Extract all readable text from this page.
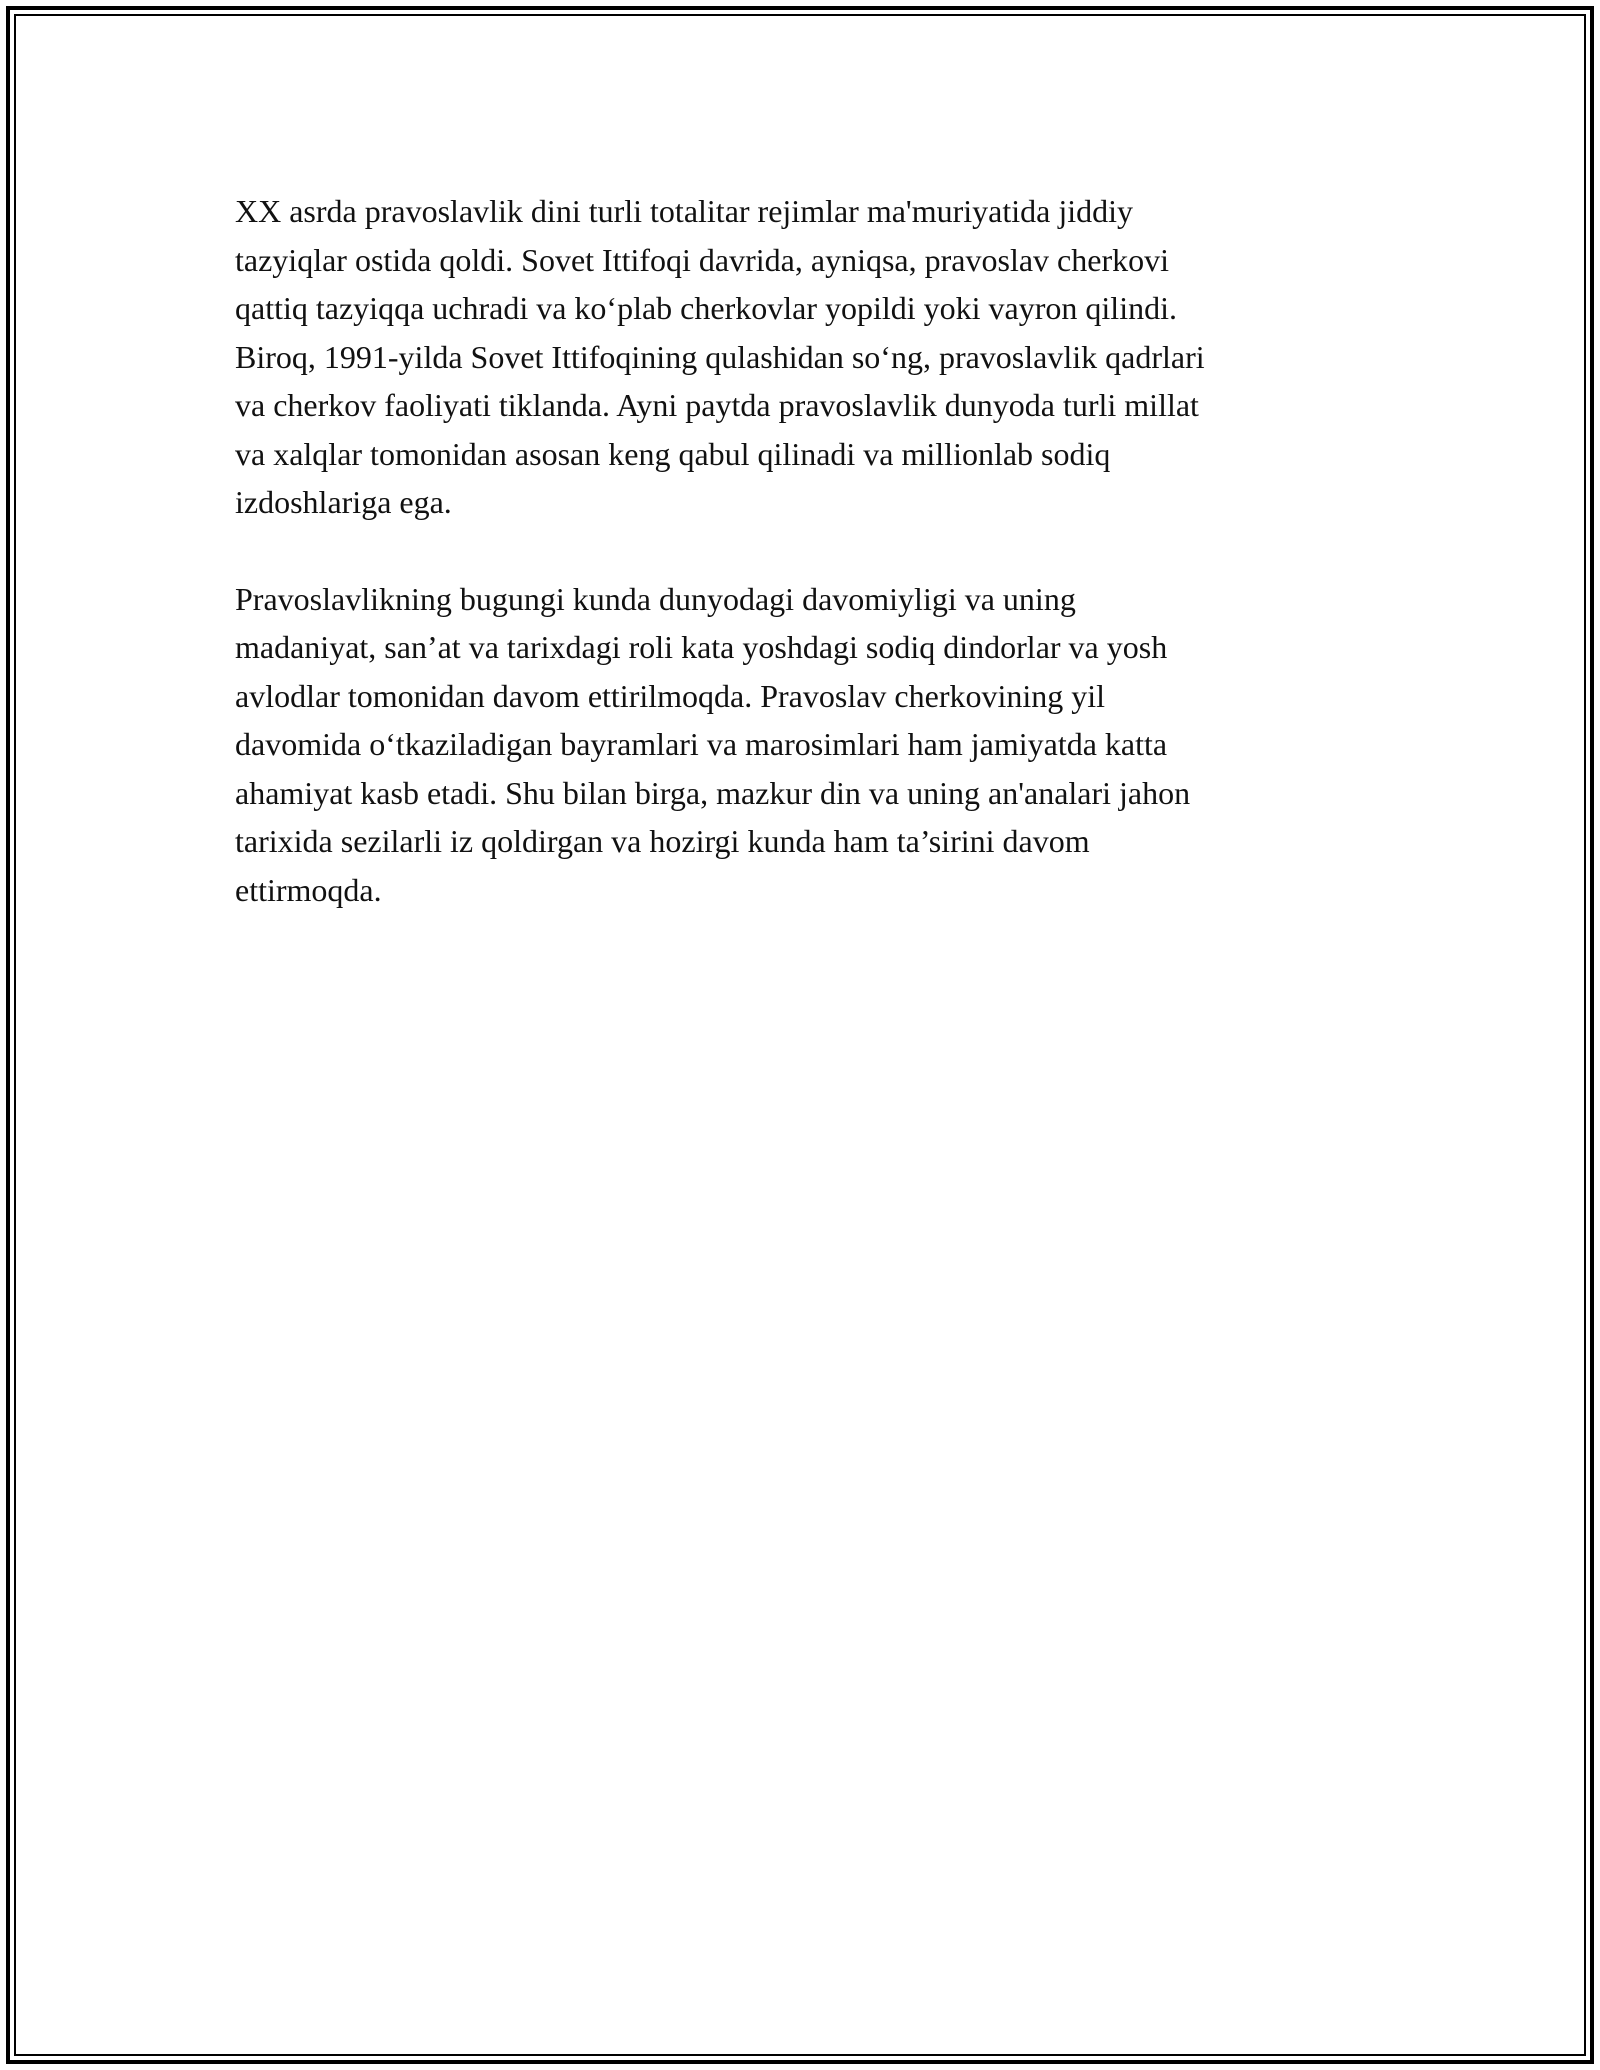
XX asrda pravoslavlik dini turli totalitar rejimlar ma'muriyatida jiddiy
tazyiqlar ostida qoldi. Sovet Ittifoqi davrida, ayniqsa, pravoslav cherkovi
qattiq tazyiqqa uchradi va ko‘plab cherkovlar yopildi yoki vayron qilindi.
Biroq, 1991-yilda Sovet Ittifoqining qulashidan so‘ng, pravoslavlik qadrlari
va cherkov faoliyati tiklanda. Ayni paytda pravoslavlik dunyoda turli millat
va xalqlar tomonidan asosan keng qabul qilinadi va millionlab sodiq
izdoshlariga ega.

Pravoslavlikning bugungi kunda dunyodagi davomiyligi va uning
madaniyat, san’at va tarixdagi roli kata yoshdagi sodiq dindorlar va yosh
avlodlar tomonidan davom ettirilmoqda. Pravoslav cherkovining yil
davomida o‘tkaziladigan bayramlari va marosimlari ham jamiyatda katta
ahamiyat kasb etadi. Shu bilan birga, mazkur din va uning an'analari jahon
tarixida sezilarli iz qoldirgan va hozirgi kunda ham ta’sirini davom
ettirmoqda.
